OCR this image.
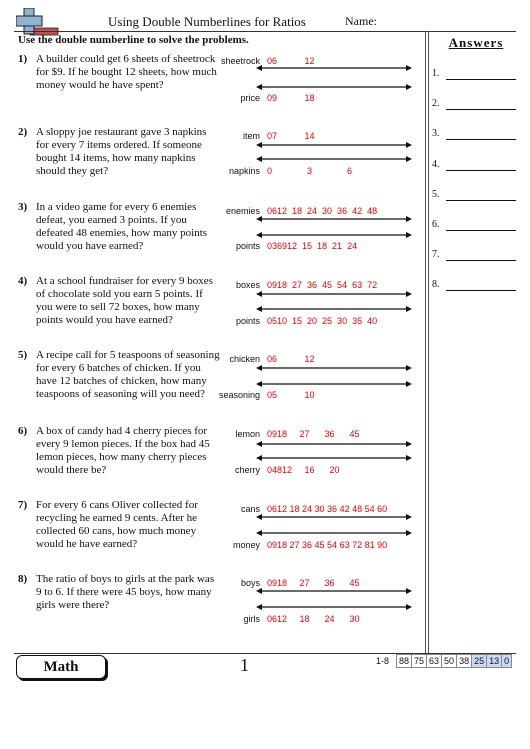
Using Double Numberlines for Ratios	Name:
Use the double numberline to solve the problems.	Answers
1.
2.
3.
4.
5.
6.
7.
8.
1) A builder could get 6 sheets of sheetrock for $9. If he bought 12 sheets, how much money would he have spent?
sheetrock 06           12
price 09           18
2) A sloppy joe restaurant gave 3 napkins for every 7 items ordered. If someone bought 14 items, how many napkins should they get?
item 07           14
napkins 0              3              6
3) In a video game for every 6 enemies defeat, you earned 3 points. If you defeated 48 enemies, how many points would you have earned?
enemies 0612  18  24  30  36  42  48
points 036912  15  18  21  24
4) At a school fundraiser for every 9 boxes of chocolate sold you earn 5 points. If you were to sell 72 boxes, how many points would you have earned?
boxes 0918  27  36  45  54  63  72
points 0510  15  20  25  30  35  40
5) A recipe call for 5 teaspoons of seasoning for every 6 batches of chicken. If you have 12 batches of chicken, how many teaspoons of seasoning will you need?
chicken 06           12
seasoning 05           10
6) A box of candy had 4 cherry pieces for every 9 lemon pieces. If the box had 45 lemon pieces, how many cherry pieces would there be?
lemon 0918     27      36      45
cherry 04812     16      20
7) For every 6 cans Oliver collected for recycling he earned 9 cents. After he collected 60 cans, how much money would he have earned?
cans 0612 18 24 30 36 42 48 54 60
money 0918 27 36 45 54 63 72 81 90
8) The ratio of boys to girls at the park was 9 to 6. If there were 45 boys, how many girls were there?
boys 0918     27      36      45
girls 0612     18      24      30
Math	1	1-8 88	75	63	50	38	25	13	0
